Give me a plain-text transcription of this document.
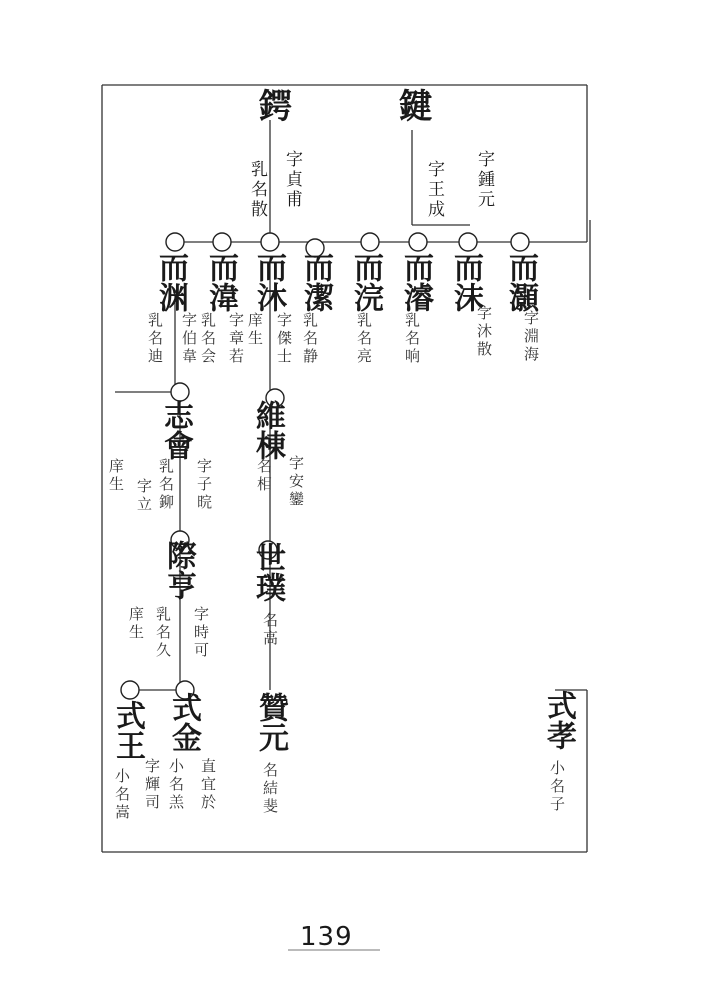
鍔	鍵
字貞甫
乳名散	字鍾元
字王成
而渊
乳名迪
而湋
字伯韋 乳名会
而沐
字章若 庠生
而潔
字傑士 乳名静
而浣
乳名亮
而濬
乳名响
而沫
字沐散
而灝
字淵海
志會
字子晥
乳名鉚
字立
庠生
維棟
字安鑾
名相
際亨
字時可
乳名久
庠生
世璞
名高
式金
直宜於
小名羔
字輝司
式王
小名嵩
贊元
名結斐
式孝
小名子
139
